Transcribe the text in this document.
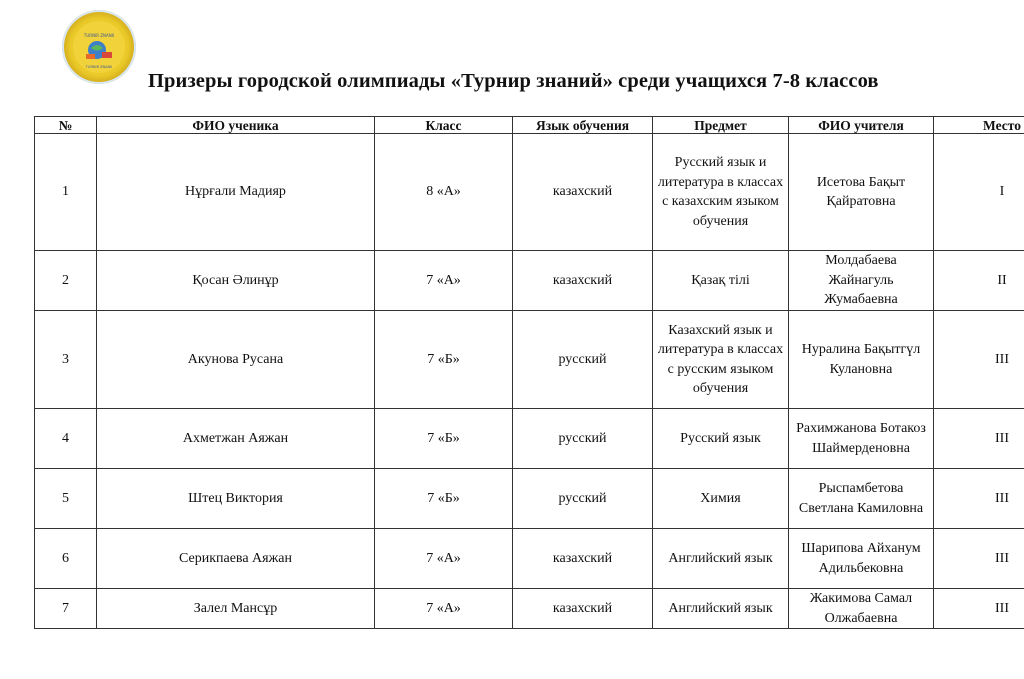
TURNIR ZNANII
TURNIR ZNANII
Призеры городской олимпиады «Турнир знаний» среди учащихся 7-8 классов
№	ФИО ученика	Класс	Язык обучения	Предмет	ФИО учителя	Место
1	Нұрғали Мадияр	8 «А»	казахский	Русский язык и литература в классах с казахским языком обучения	Исетова Бақыт Қайратовна	I
2	Қосан Әлинұр	7 «А»	казахский	Қазақ тілі	Молдабаева Жайнагуль Жумабаевна	II
3	Акунова Русана	7 «Б»	русский	Казахский язык и литература в классах с русским языком обучения	Нуралина Бақытгүл Кулановна	III
4	Ахметжан Аяжан	7 «Б»	русский	Русский язык	Рахимжанова Ботакоз Шаймерденовна	III
5	Штец Виктория	7 «Б»	русский	Химия	Рыспамбетова Светлана Камиловна	III
6	Серикпаева Аяжан	7 «А»	казахский	Английский язык	Шарипова Айханум Адильбековна	III
7	Залел Мансұр	7 «А»	казахский	Английский язык	Жакимова Самал Олжабаевна	III
